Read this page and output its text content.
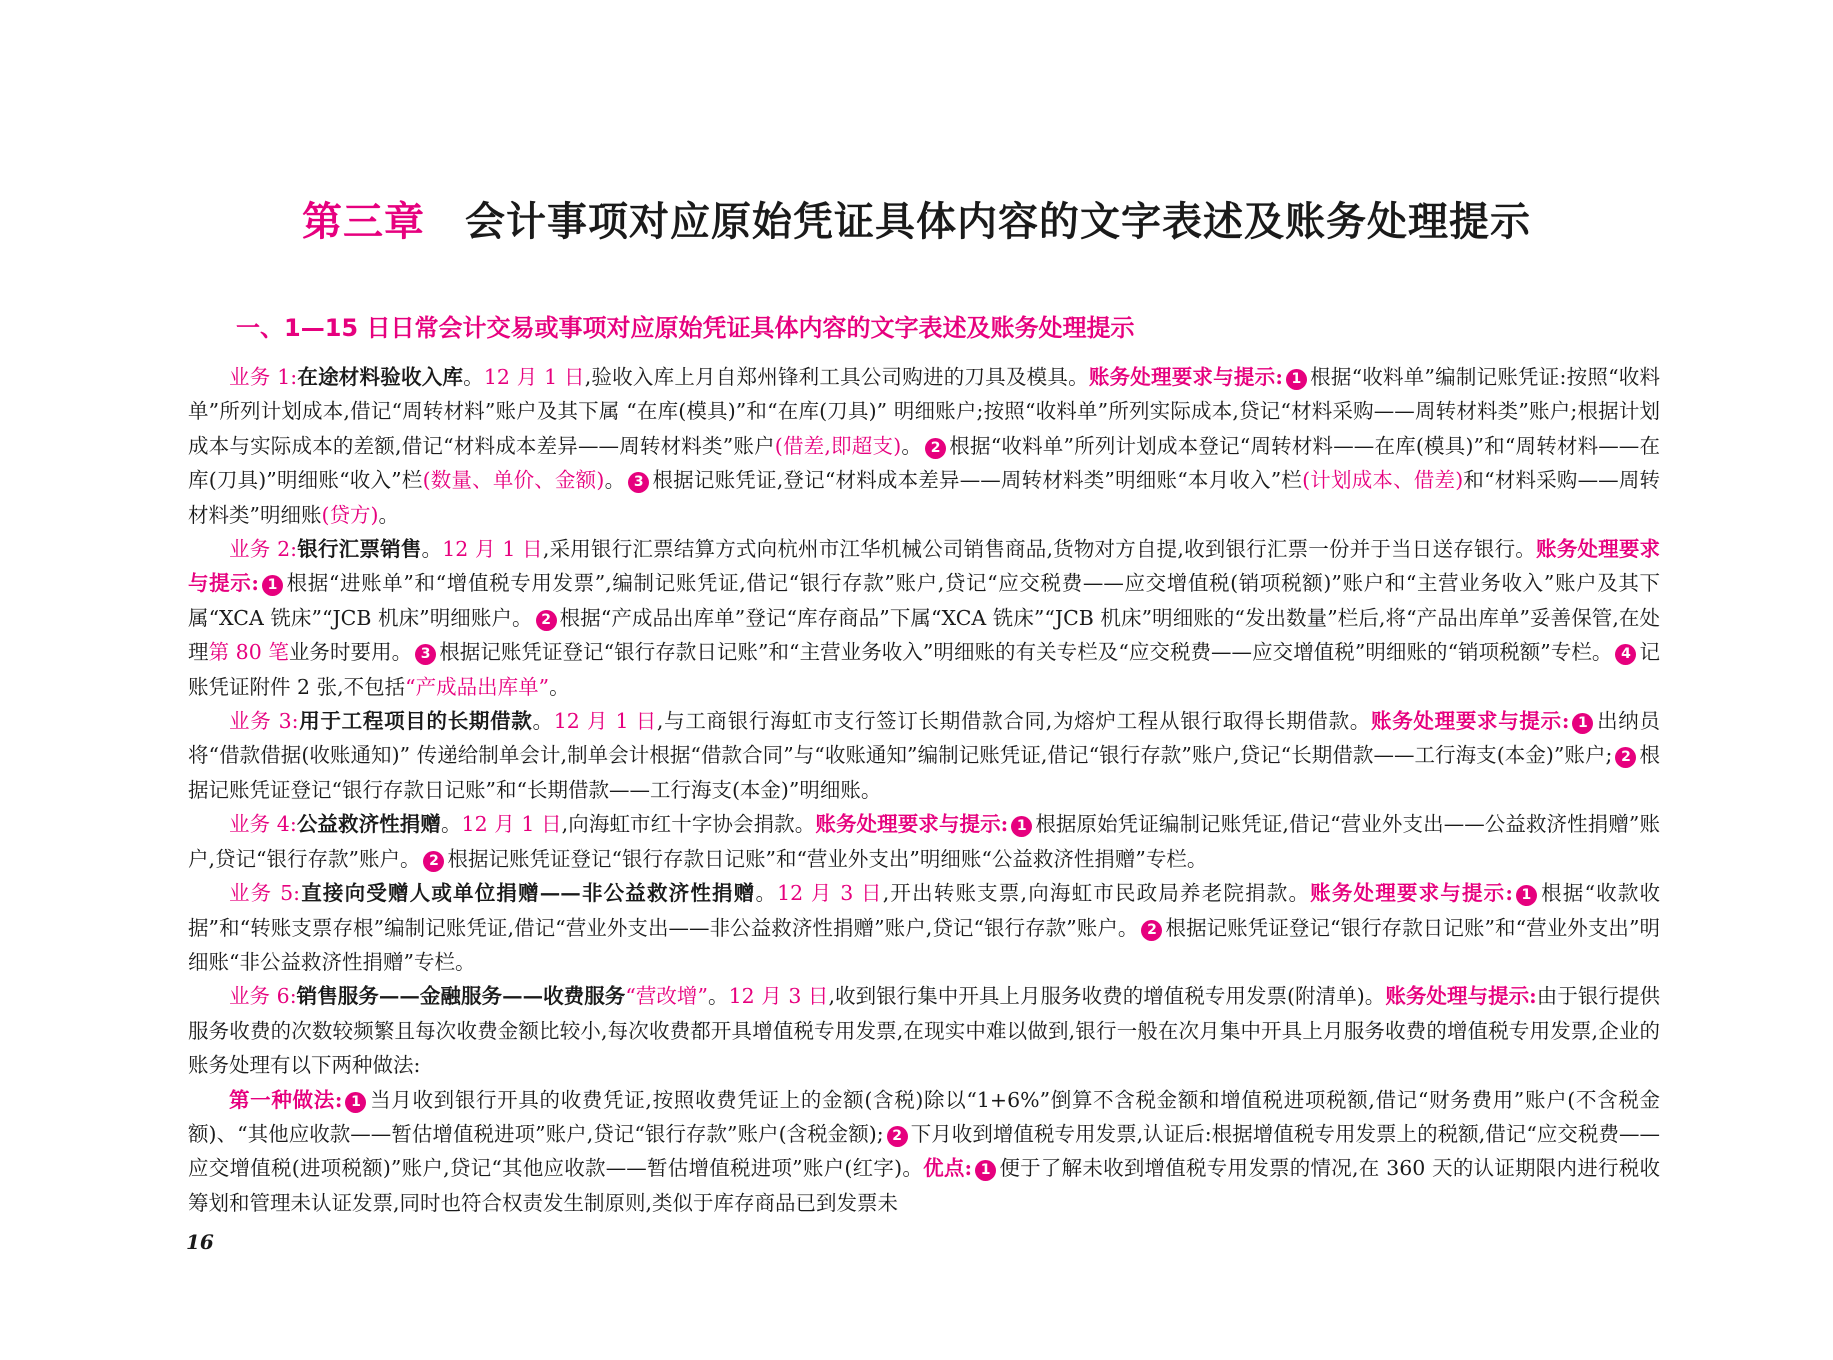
第三章 会计事项对应原始凭证具体内容的文字表述及账务处理提示
一、1—15 日日常会计交易或事项对应原始凭证具体内容的文字表述及账务处理提示

业务 1:在途材料验收入库。12 月 1 日,验收入库上月自郑州锋利工具公司购进的刀具及模具。账务处理要求与提示: 1 根据“收料单”编制记账凭证:按照“收料单”所列计划成本,借记“周转材料”账户及其下属 “在库(模具)”和“在库(刀具)” 明细账户;按照“收料单”所列实际成本,贷记“材料采购——周转材料类”账户;根据计划成本与实际成本的差额,借记“材料成本差异——周转材料类”账户(借差,即超支)。 2 根据“收料单”所列计划成本登记“周转材料——在库(模具)”和“周转材料——在库(刀具)”明细账“收入”栏(数量、单价、金额)。 3 根据记账凭证,登记“材料成本差异——周转材料类”明细账“本月收入”栏(计划成本、借差)和“材料采购——周转材料类”明细账(贷方)。

业务 2:银行汇票销售。12 月 1 日,采用银行汇票结算方式向杭州市江华机械公司销售商品,货物对方自提,收到银行汇票一份并于当日送存银行。账务处理要求与提示: 1 根据“进账单”和“增值税专用发票”,编制记账凭证,借记“银行存款”账户,贷记“应交税费——应交增值税(销项税额)”账户和“主营业务收入”账户及其下属“XCA 铣床”“JCB 机床”明细账户。 2 根据“产成品出库单”登记“库存商品”下属“XCA 铣床”“JCB 机床”明细账的“发出数量”栏后,将“产品出库单”妥善保管,在处理第 80 笔业务时要用。 3 根据记账凭证登记“银行存款日记账”和“主营业务收入”明细账的有关专栏及“应交税费——应交增值税”明细账的“销项税额”专栏。 4 记账凭证附件 2 张,不包括“产成品出库单”。

业务 3:用于工程项目的长期借款。12 月 1 日,与工商银行海虹市支行签订长期借款合同,为熔炉工程从银行取得长期借款。账务处理要求与提示: 1 出纳员将“借款借据(收账通知)” 传递给制单会计,制单会计根据“借款合同”与“收账通知”编制记账凭证,借记“银行存款”账户,贷记“长期借款——工行海支(本金)”账户; 2 根据记账凭证登记“银行存款日记账”和“长期借款——工行海支(本金)”明细账。

业务 4:公益救济性捐赠。12 月 1 日,向海虹市红十字协会捐款。账务处理要求与提示: 1 根据原始凭证编制记账凭证,借记“营业外支出——公益救济性捐赠”账户,贷记“银行存款”账户。 2 根据记账凭证登记“银行存款日记账”和“营业外支出”明细账“公益救济性捐赠”专栏。

业务 5:直接向受赠人或单位捐赠——非公益救济性捐赠。12 月 3 日,开出转账支票,向海虹市民政局养老院捐款。账务处理要求与提示: 1 根据“收款收据”和“转账支票存根”编制记账凭证,借记“营业外支出——非公益救济性捐赠”账户,贷记“银行存款”账户。 2 根据记账凭证登记“银行存款日记账”和“营业外支出”明细账“非公益救济性捐赠”专栏。

业务 6:销售服务——金融服务——收费服务“营改增”。12 月 3 日,收到银行集中开具上月服务收费的增值税专用发票(附清单)。账务处理与提示:由于银行提供服务收费的次数较频繁且每次收费金额比较小,每次收费都开具增值税专用发票,在现实中难以做到,银行一般在次月集中开具上月服务收费的增值税专用发票,企业的账务处理有以下两种做法:

第一种做法: 1 当月收到银行开具的收费凭证,按照收费凭证上的金额(含税)除以“1+6%”倒算不含税金额和增值税进项税额,借记“财务费用”账户(不含税金额)、“其他应收款——暂估增值税进项”账户,贷记“银行存款”账户(含税金额); 2 下月收到增值税专用发票,认证后:根据增值税专用发票上的税额,借记“应交税费——应交增值税(进项税额)”账户,贷记“其他应收款——暂估增值税进项”账户(红字)。优点: 1 便于了解未收到增值税专用发票的情况,在 360 天的认证期限内进行税收筹划和管理未认证发票,同时也符合权责发生制原则,类似于库存商品已到发票未

16
